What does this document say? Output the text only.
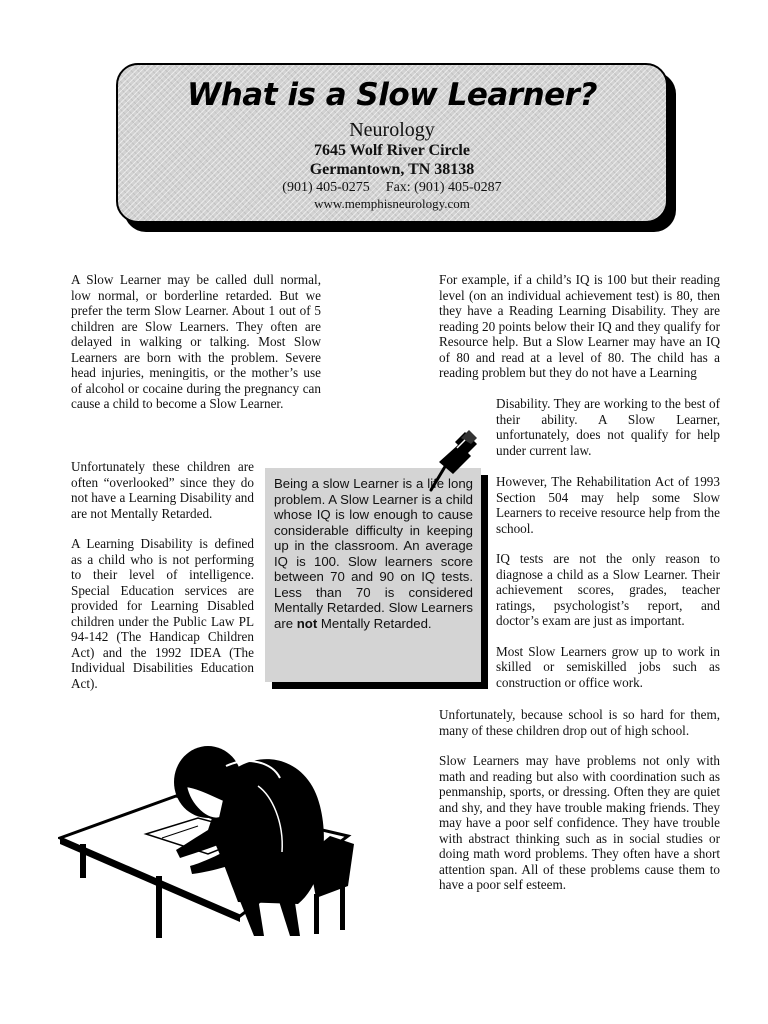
What is a Slow Learner?
Neurology
7645 Wolf River Circle
Germantown, TN 38138
(901) 405-0275 Fax: (901) 405-0287
www.memphisneurology.com

A Slow Learner may be called dull normal, low normal, or borderline retarded. But we prefer the term Slow Learner. About 1 out of 5 children are Slow Learners. They often are delayed in walking or talking. Most Slow Learners are born with the problem. Severe head injuries, meningitis, or the mother’s use of alcohol or cocaine during the pregnancy can cause a child to become a Slow Learner.

Unfortunately these children are often “overlooked” since they do not have a Learning Disability and are not Mentally Retarded.

A Learning Disability is defined as a child who is not performing to their level of intelligence. Special Education services are provided for Learning Disabled children under the Public Law PL 94-142 (The Handicap Children Act) and the 1992 IDEA (The Individual Disabilities Education Act).

Being a slow Learner is a life long problem. A Slow Learner is a child whose IQ is low enough to cause considerable difficulty in keeping up in the classroom. An average IQ is 100. Slow learners score between 70 and 90 on IQ tests. Less than 70 is considered Mentally Retarded. Slow Learners are not Mentally Retarded.

For example, if a child’s IQ is 100 but their reading level (on an individual achievement test) is 80, then they have a Reading Learning Disability. They are reading 20 points below their IQ and they qualify for Resource help. But a Slow Learner may have an IQ of 80 and read at a level of 80. The child has a reading problem but they do not have a Learning

Disability. They are working to the best of their ability. A Slow Learner, unfortunately, does not qualify for help under current law.

However, The Rehabilitation Act of 1993 Section 504 may help some Slow Learners to receive resource help from the school.

IQ tests are not the only reason to diagnose a child as a Slow Learner. Their achievement scores, grades, teacher ratings, psychologist’s report, and doctor’s exam are just as important.

Most Slow Learners grow up to work in skilled or semiskilled jobs such as construction or office work.

Unfortunately, because school is so hard for them, many of these children drop out of high school.

Slow Learners may have problems not only with math and reading but also with coordination such as penmanship, sports, or dressing. Often they are quiet and shy, and they have trouble making friends. They may have a poor self confidence. They have trouble with abstract thinking such as in social studies or doing math word problems. They often have a short attention span. All of these problems cause them to have a poor self esteem.
